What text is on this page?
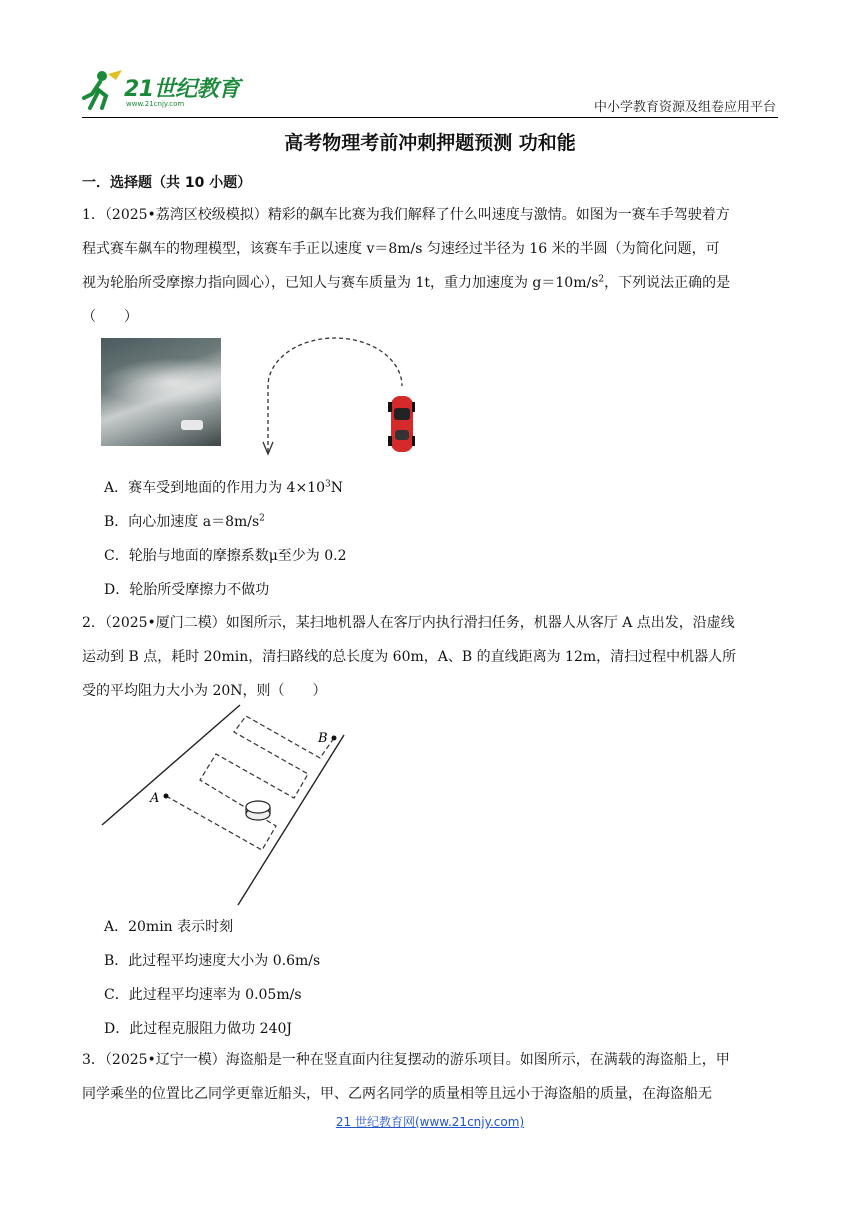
21世纪教育
www.21cnjy.com	中小学教育资源及组卷应用平台
高考物理考前冲刺押题预测 功和能
一．选择题（共 10 小题）
1．（2025•荔湾区校级模拟）精彩的飙车比赛为我们解释了什么叫速度与激情。如图为一赛车手驾驶着方
程式赛车飙车的物理模型，该赛车手正以速度 v＝8m/s 匀速经过半径为 16 米的半圆（为简化问题，可
视为轮胎所受摩擦力指向圆心），已知人与赛车质量为 1t，重力加速度为 $g=10m/s^2$，下列说法正确的是
（　　）
A．赛车受到地面的作用力为 $4\times 10^3N$
B．向心加速度 $a=8m/s^2$
C．轮胎与地面的摩擦系数μ至少为 0.2
D．轮胎所受摩擦力不做功
2．（2025•厦门二模）如图所示，某扫地机器人在客厅内执行滑扫任务，机器人从客厅 A 点出发，沿虚线
运动到 B 点，耗时 20min，清扫路线的总长度为 60m，A、B 的直线距离为 12m，清扫过程中机器人所
受的平均阻力大小为 20N，则（　　）
A
B
A．20min 表示时刻
B．此过程平均速度大小为 0.6m/s
C．此过程平均速率为 0.05m/s
D．此过程克服阻力做功 240J
3．（2025•辽宁一模）海盗船是一种在竖直面内往复摆动的游乐项目。如图所示，在满载的海盗船上，甲
同学乘坐的位置比乙同学更靠近船头，甲、乙两名同学的质量相等且远小于海盗船的质量，在海盗船无
21 世纪教育网(www.21cnjy.com)
